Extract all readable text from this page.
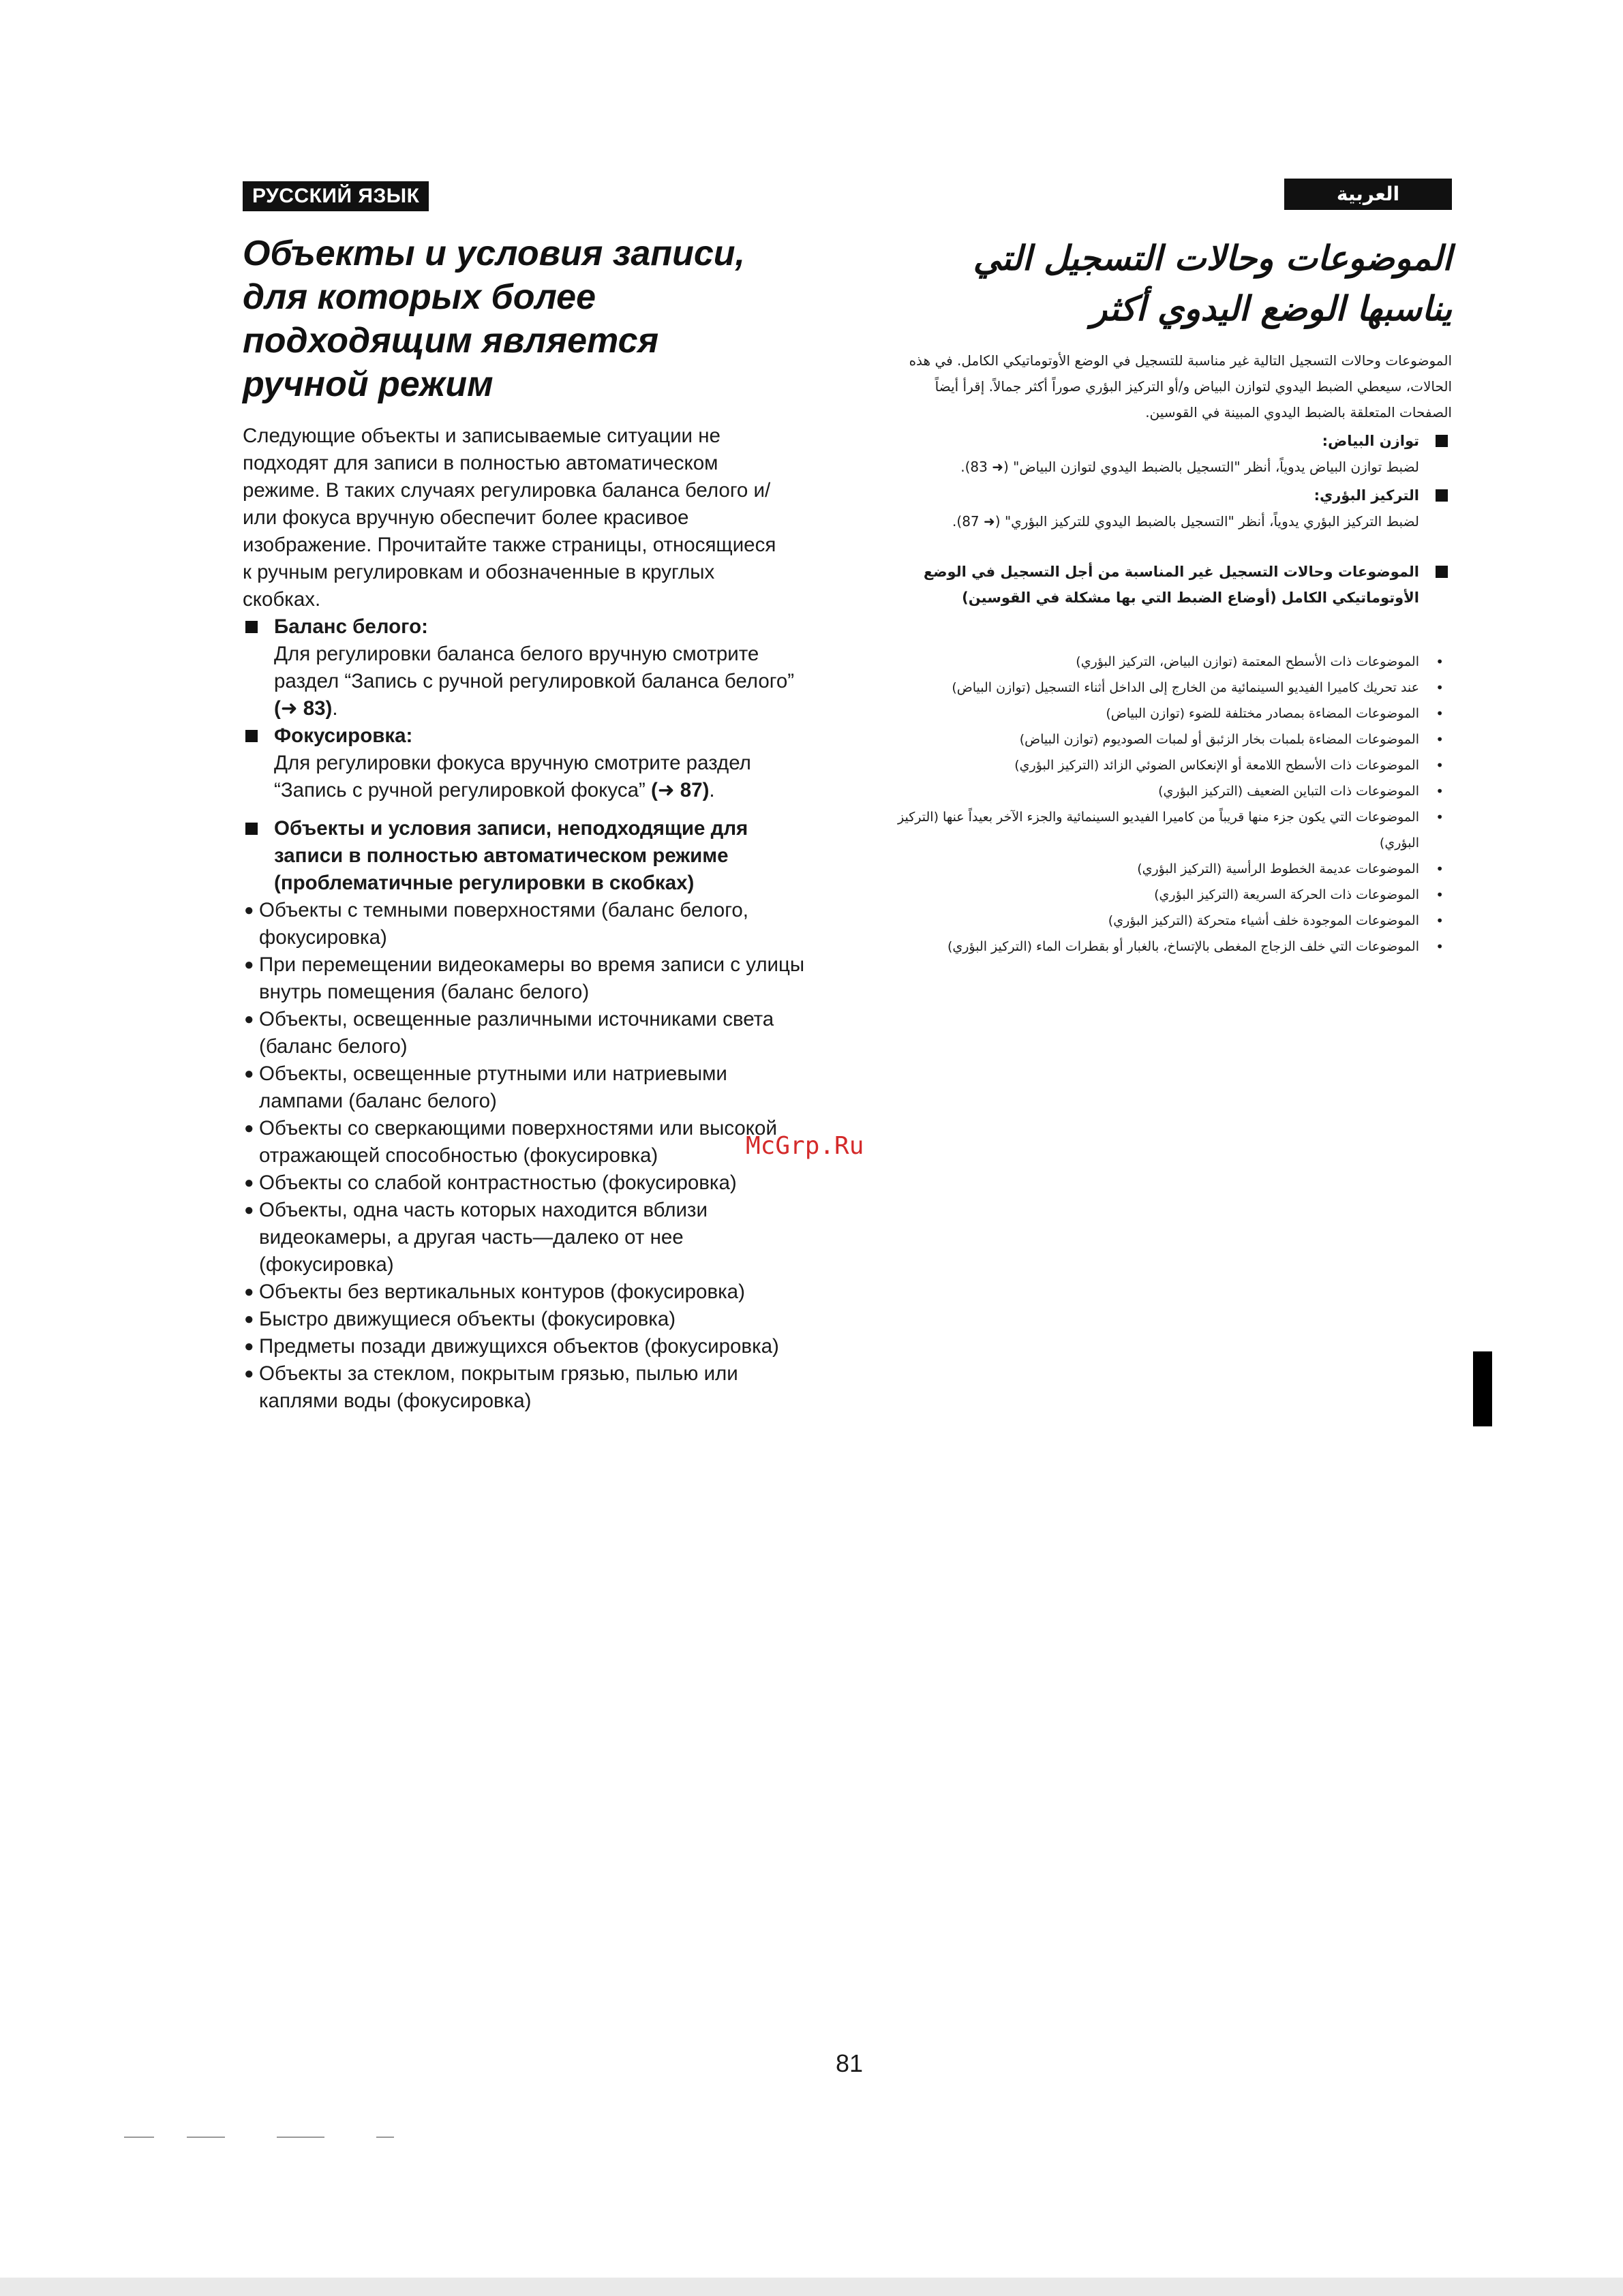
РУССКИЙ ЯЗЫК
Объекты и условия записи, для которых более подходящим является ручной режим

Следующие объекты и записываемые ситуации не подходят для записи в полностью автоматическом режиме. В таких случаях регулировка баланса белого и/или фокуса вручную обеспечит более красивое изображение. Прочитайте также страницы, относящиеся к ручным регулировкам и обозначенные в круглых скобках.

Баланс белого:
Для регулировки баланса белого вручную смотрите раздел “Запись с ручной регулировкой баланса белого” (➜ 83).
Фокусировка:
Для регулировки фокуса вручную смотрите раздел “Запись с ручной регулировкой фокуса” (➜ 87).
Объекты и условия записи, неподходящие для записи в полностью автоматическом режиме (проблематичные регулировки в скобках)
● Объекты с темными поверхностями (баланс белого, фокусировка)
● При перемещении видеокамеры во время записи с улицы внутрь помещения (баланс белого)
● Объекты, освещенные различными источниками света (баланс белого)
● Объекты, освещенные ртутными или натриевыми лампами (баланс белого)
● Объекты со сверкающими поверхностями или высокой отражающей способностью (фокусировка)
● Объекты со слабой контрастностью (фокусировка)
● Объекты, одна часть которых находится вблизи видеокамеры, а другая часть—далеко от нее (фокусировка)
● Объекты без вертикальных контуров (фокусировка)
● Быстро движущиеся объекты (фокусировка)
● Предметы позади движущихся объектов (фокусировка)
● Объекты за стеклом, покрытым грязью, пылью или каплями воды (фокусировка)
العربية
الموضوعات وحالات التسجيل التي يناسبها الوضع اليدوي أكثر

الموضوعات وحالات التسجيل التالية غير مناسبة للتسجيل في الوضع الأوتوماتيكي الكامل. في هذه الحالات، سيعطي الضبط اليدوي لتوازن البياض و/أو التركيز البؤري صوراً أكثر جمالاً. إقرأ أيضاً الصفحات المتعلقة بالضبط اليدوي المبينة في القوسين.

توازن البياض:
لضبط توازن البياض يدوياً، أنظر "التسجيل بالضبط اليدوي لتوازن البياض" (➜ 83).
التركيز البؤري:
لضبط التركيز البؤري يدوياً، أنظر "التسجيل بالضبط اليدوي للتركيز البؤري" (➜ 87).
الموضوعات وحالات التسجيل غير المناسبة من أجل التسجيل في الوضع الأوتوماتيكي الكامل (أوضاع الضبط التي بها مشكلة في القوسين)
•
الموضوعات ذات الأسطح المعتمة (توازن البياض، التركيز البؤري)
•
عند تحريك كاميرا الفيديو السينمائية من الخارج إلى الداخل أثناء التسجيل (توازن البياض)
•
الموضوعات المضاءة بمصادر مختلفة للضوء (توازن البياض)
•
الموضوعات المضاءة بلمبات بخار الزئبق أو لمبات الصوديوم (توازن البياض)
•
الموضوعات ذات الأسطح اللامعة أو الإنعكاس الضوئي الزائد (التركيز البؤري)
•
الموضوعات ذات التباين الضعيف (التركيز البؤري)
•
الموضوعات التي يكون جزء منها قريباً من كاميرا الفيديو السينمائية والجزء الآخر بعيداً عنها (التركيز البؤري)
•
الموضوعات عديمة الخطوط الرأسية (التركيز البؤري)
•
الموضوعات ذات الحركة السريعة (التركيز البؤري)
•
الموضوعات الموجودة خلف أشياء متحركة (التركيز البؤري)
•
الموضوعات التي خلف الزجاج المغطى بالإتساخ، بالغبار أو بقطرات الماء (التركيز البؤري)
McGrp.Ru
81
